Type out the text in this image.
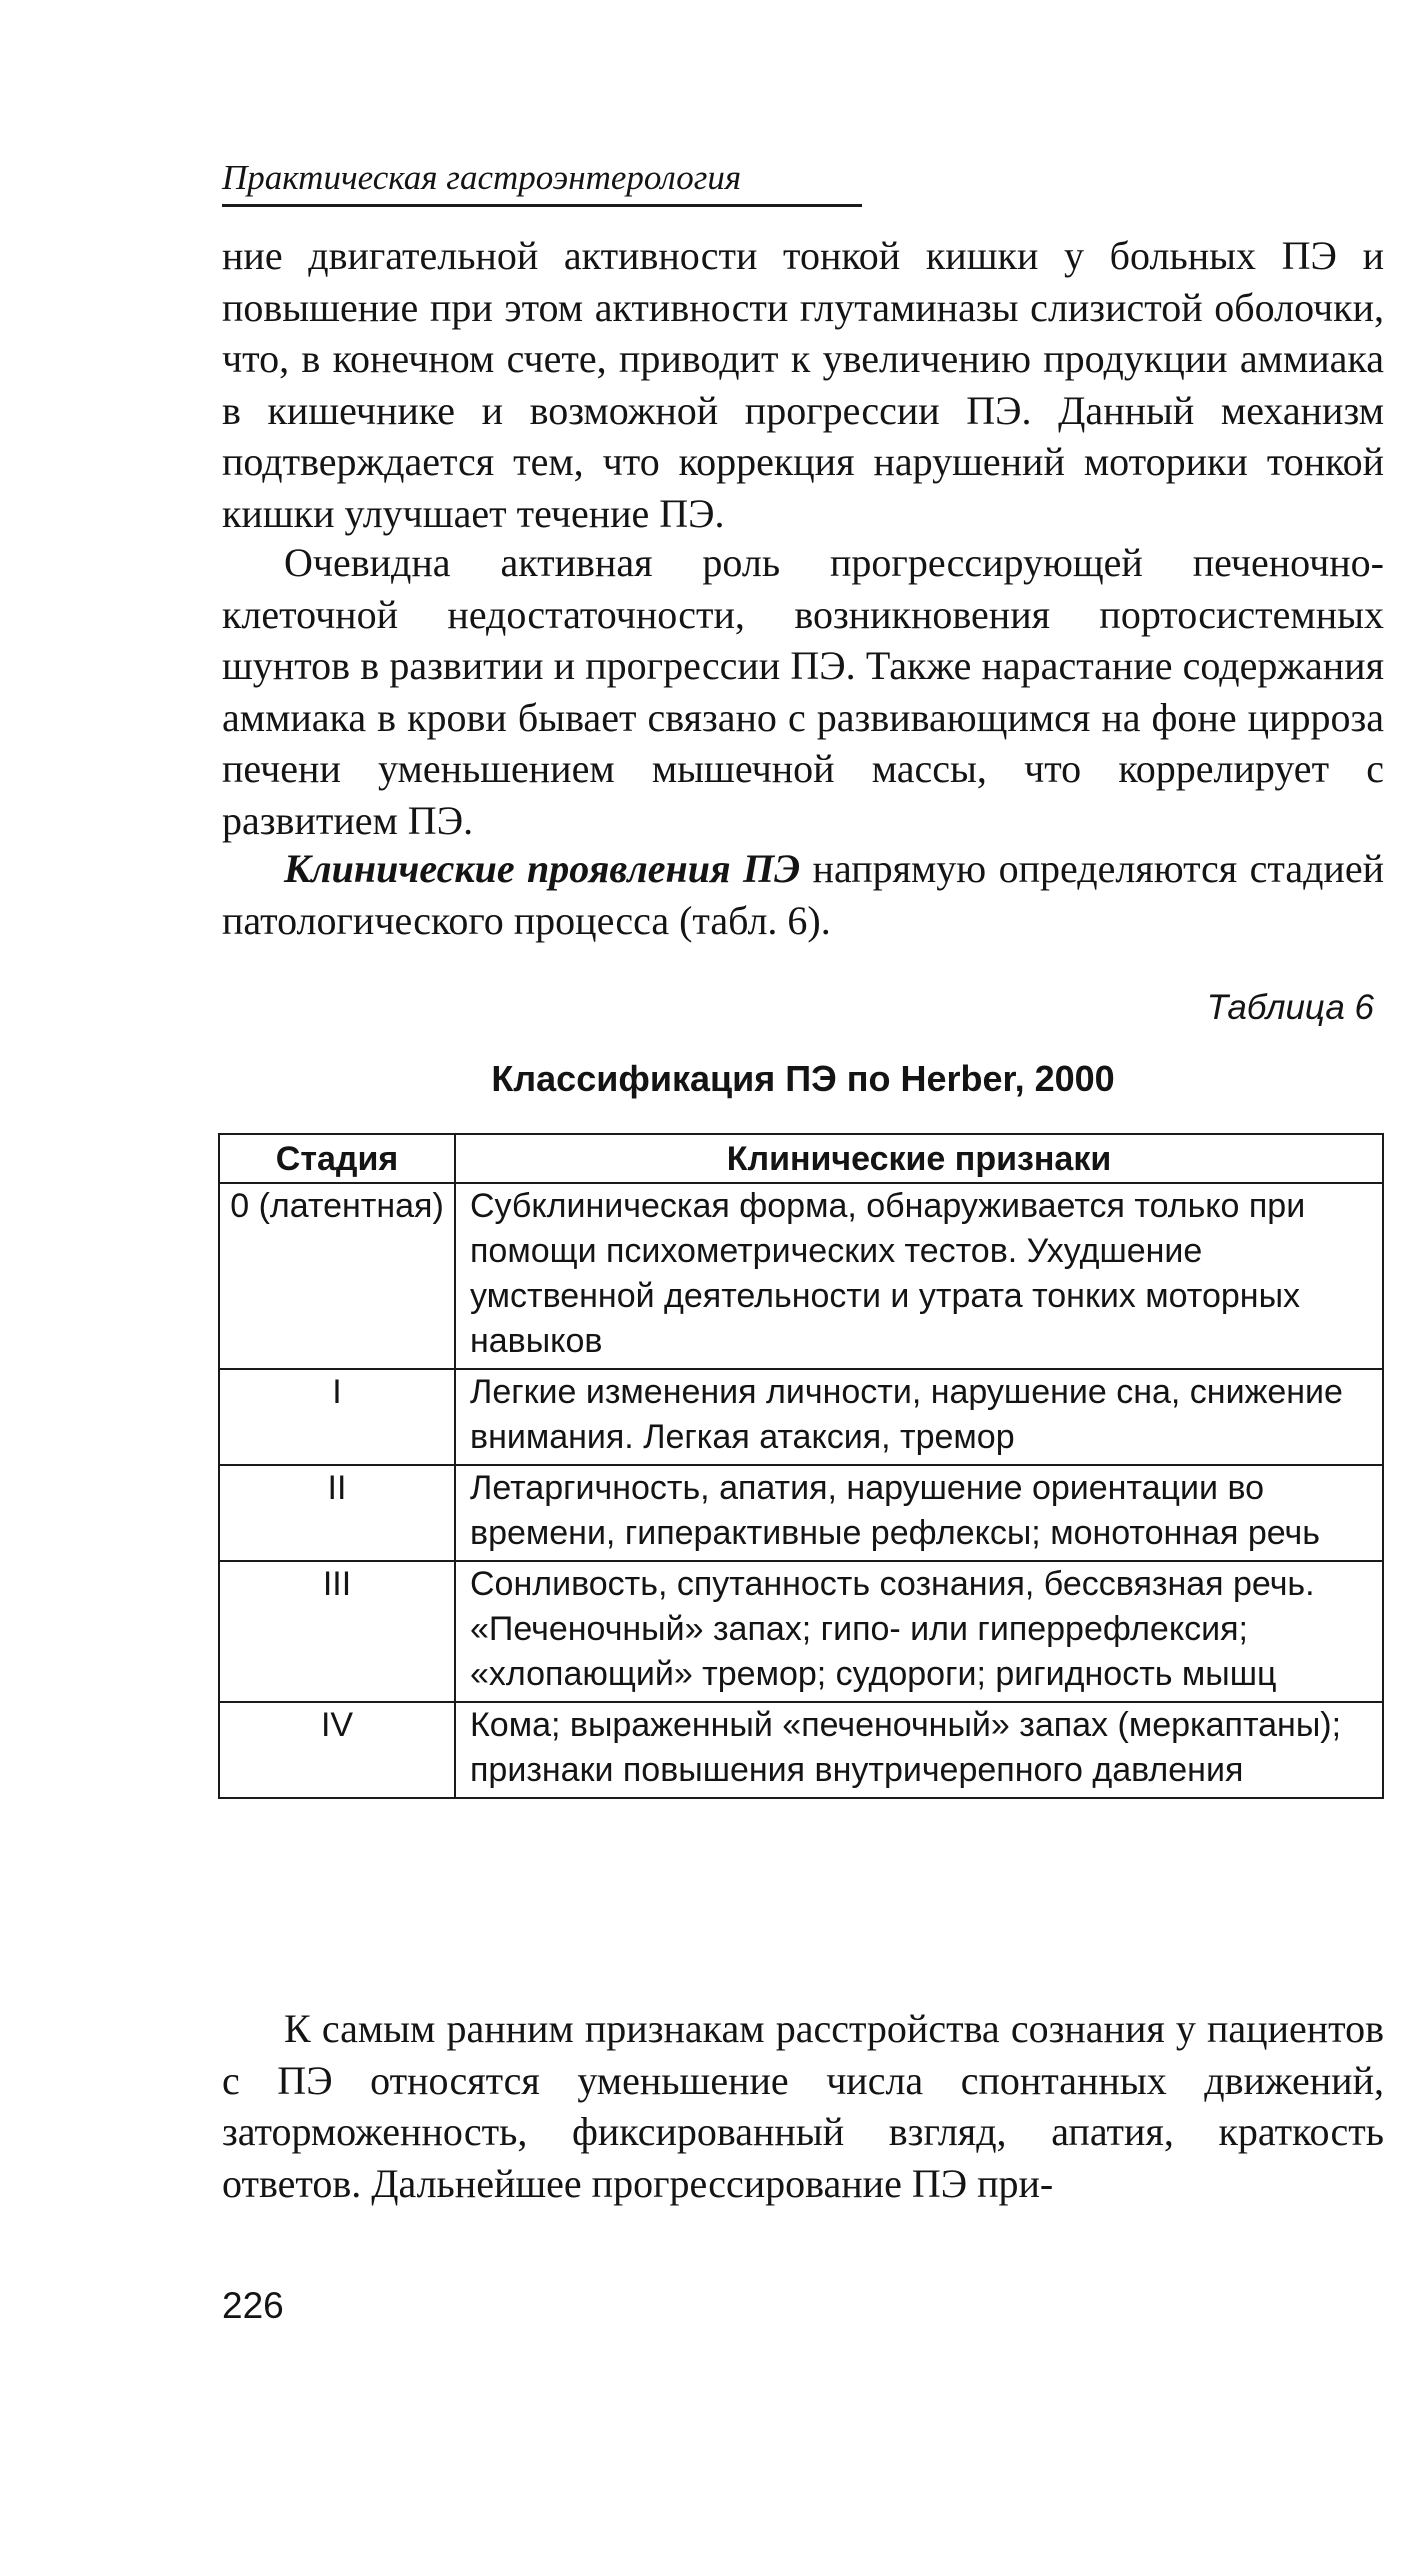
Практическая гастроэнтерология

ние двигательной активности тонкой кишки у больных ПЭ и повышение при этом активности глутаминазы слизистой оболочки, что, в конечном счете, приводит к увеличению продукции аммиака в кишечнике и возможной прогрессии ПЭ. Данный механизм подтверждается тем, что коррекция нарушений моторики тонкой кишки улучшает течение ПЭ.

Очевидна активная роль прогрессирующей печеночно-клеточной недостаточности, возникновения портосистемных шунтов в развитии и прогрессии ПЭ. Также нарастание содержания аммиака в крови бывает связано с развивающимся на фоне цирроза печени уменьшением мышечной массы, что коррелирует с развитием ПЭ.

Клинические проявления ПЭ напрямую определяются стадией патологического процесса (табл. 6).

Таблица 6
Классификация ПЭ по Herber, 2000
Стадия	Клинические признаки
0 (латентная)	Субклиническая форма, обнаруживается только при помощи психометрических тестов. Ухудшение умственной деятельности и утрата тонких моторных навыков
I	Легкие изменения личности, нарушение сна, снижение внимания. Легкая атаксия, тремор
II	Летаргичность, апатия, нарушение ориентации во времени, гиперактивные рефлексы; монотонная речь
III	Сонливость, спутанность сознания, бессвязная речь. «Печеночный» запах; гипо- или гиперрефлексия; «хлопающий» тремор; судороги; ригидность мышц
IV	Кома; выраженный «печеночный» запах (меркаптаны); признаки повышения внутричерепного давления

К самым ранним признакам расстройства сознания у пациентов с ПЭ относятся уменьшение числа спонтанных движений, заторможенность, фиксированный взгляд, апатия, краткость ответов. Дальнейшее прогрессирование ПЭ при-

226
